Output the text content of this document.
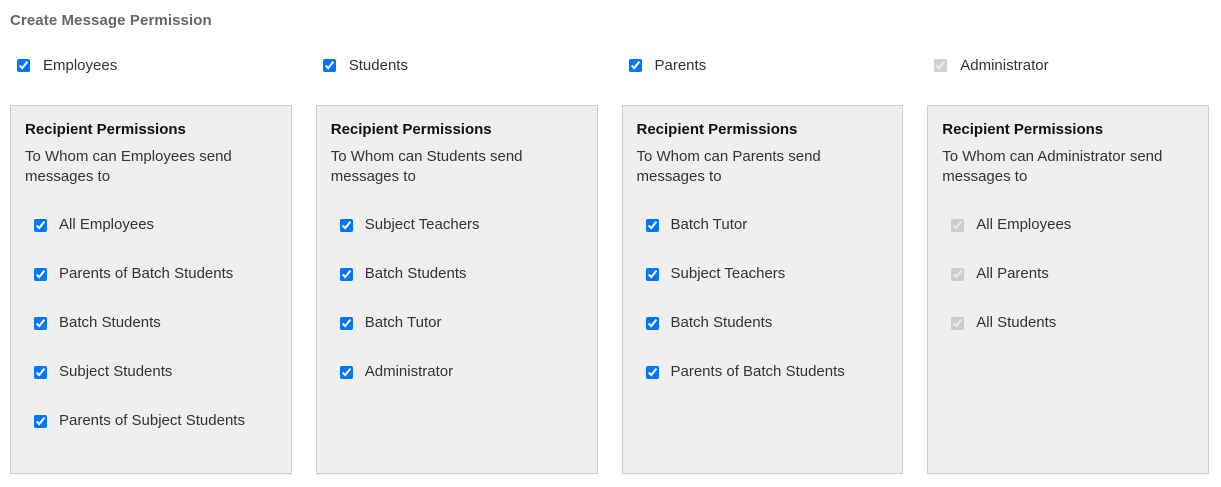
Create Message Permission
Employees	Students	Parents	Administrator
Recipient Permissions

To Whom can Employees send messages to

All Employees
Parents of Batch Students
Batch Students
Subject Students
Parents of Subject Students
Recipient Permissions

To Whom can Students send messages to

Subject Teachers
Batch Students
Batch Tutor
Administrator
Recipient Permissions

To Whom can Parents send messages to

Batch Tutor
Subject Teachers
Batch Students
Parents of Batch Students
Recipient Permissions

To Whom can Administrator send messages to

All Employees
All Parents
All Students
